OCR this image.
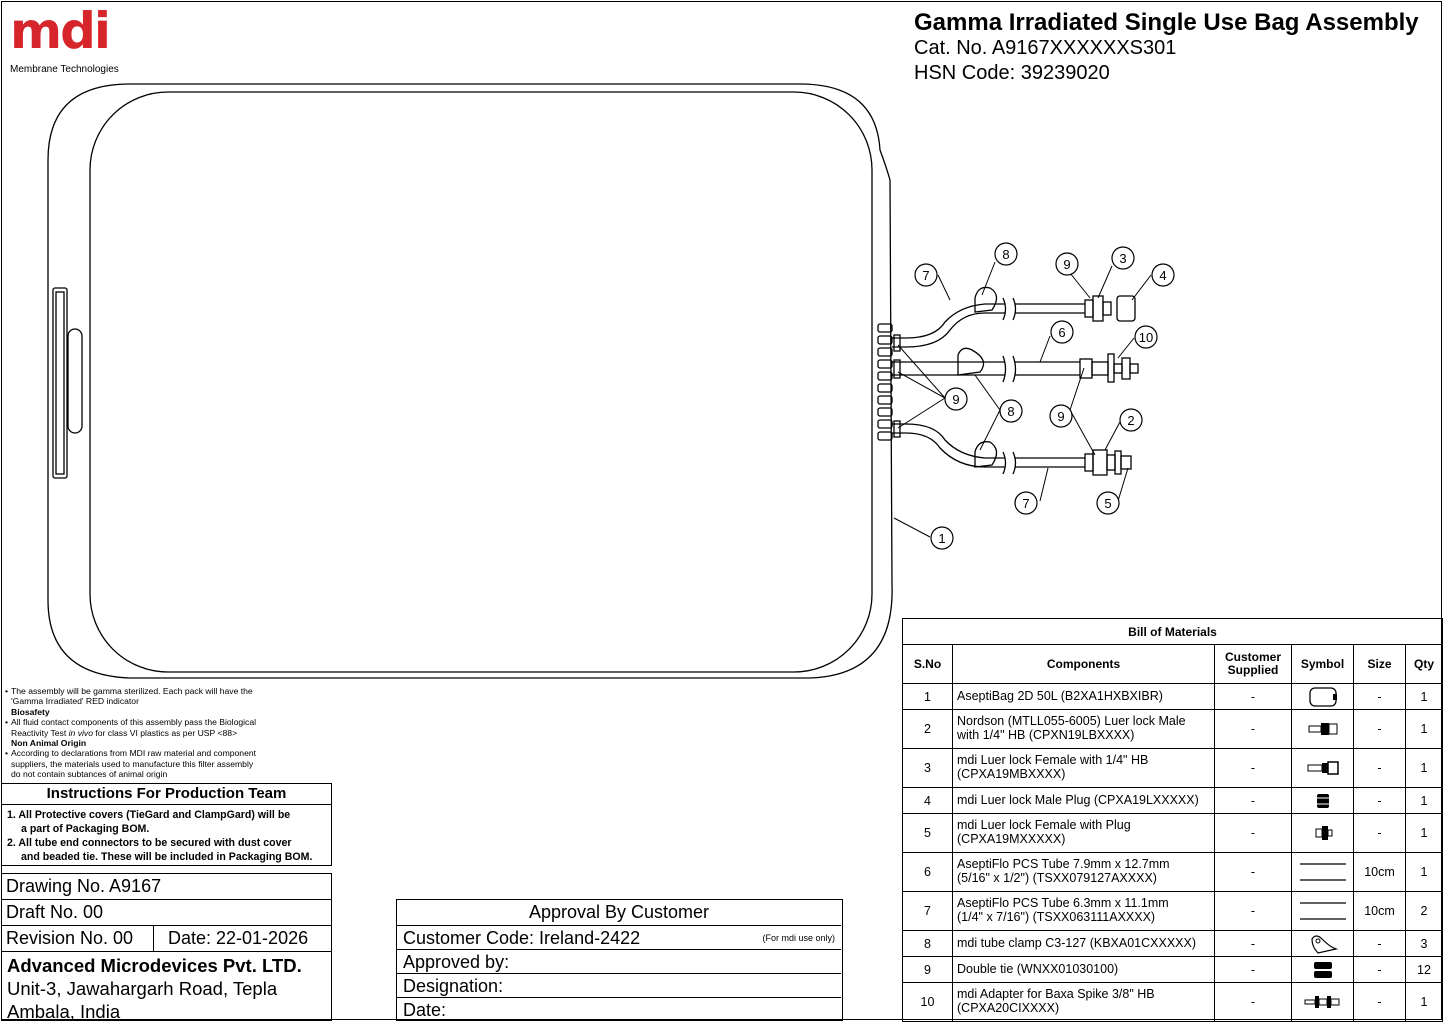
mdi
Membrane Technologies
Gamma Irradiated Single Use Bag Assembly
Cat. No. A9167XXXXXXS301
HSN Code: 39239020
7
8
9	3
4
6	10
9
8	9	2
7	5
1
• The assembly will be gamma sterilized. Each pack will have the
'Gamma Irradiated' RED indicator
Biosafety
• All fluid contact components of this assembly pass the Biological
Reactivity Test in vivo for class VI plastics as per USP <88>
Non Animal Origin
• According to declarations from MDI raw material and component
suppliers, the materials used to manufacture this filter assembly
do not contain subtances of animal origin
Instructions For Production Team
1. All Protective covers (TieGard and ClampGard) will be
a part of Packaging BOM.
2. All tube end connectors to be secured with dust cover
and beaded tie. These will be included in Packaging BOM.
Drawing No. A9167
Draft No. 00
Revision No. 00	Date: 22-01-2026
Advanced Microdevices Pvt. LTD.
Unit-3, Jawahargarh Road, Tepla
Ambala, India
Approval By Customer
Customer Code: Ireland-2422	(For mdi use only)
Approved by:
Designation:
Date:
Bill of Materials					
S.No	Components	Customer
Supplied	Symbol	Size	Qty
1	AseptiBag 2D 50L (B2XA1HXBXIBR)	-		-	1
2	Nordson (MTLL055-6005) Luer lock Male
with 1/4" HB (CPXN19LBXXXX)	-		-	1
3	mdi Luer lock Female with 1/4" HB
(CPXA19MBXXXX)	-		-	1
4	mdi Luer lock Male Plug (CPXA19LXXXXX)	-		-	1
5	mdi Luer lock Female with Plug
(CPXA19MXXXXX)	-		-	1
6	AseptiFlo PCS Tube 7.9mm x 12.7mm
(5/16" x 1/2") (TSXX079127AXXXX)	-		10cm	1
7	AseptiFlo PCS Tube 6.3mm x 11.1mm
(1/4" x 7/16") (TSXX063111AXXXX)	-		10cm	2
8	mdi tube clamp C3-127 (KBXA01CXXXXX)	-		-	3
9	Double tie (WNXX01030100)	-		-	12
10	mdi Adapter for Baxa Spike 3/8" HB
(CPXA20CIXXXX)	-		-	1
